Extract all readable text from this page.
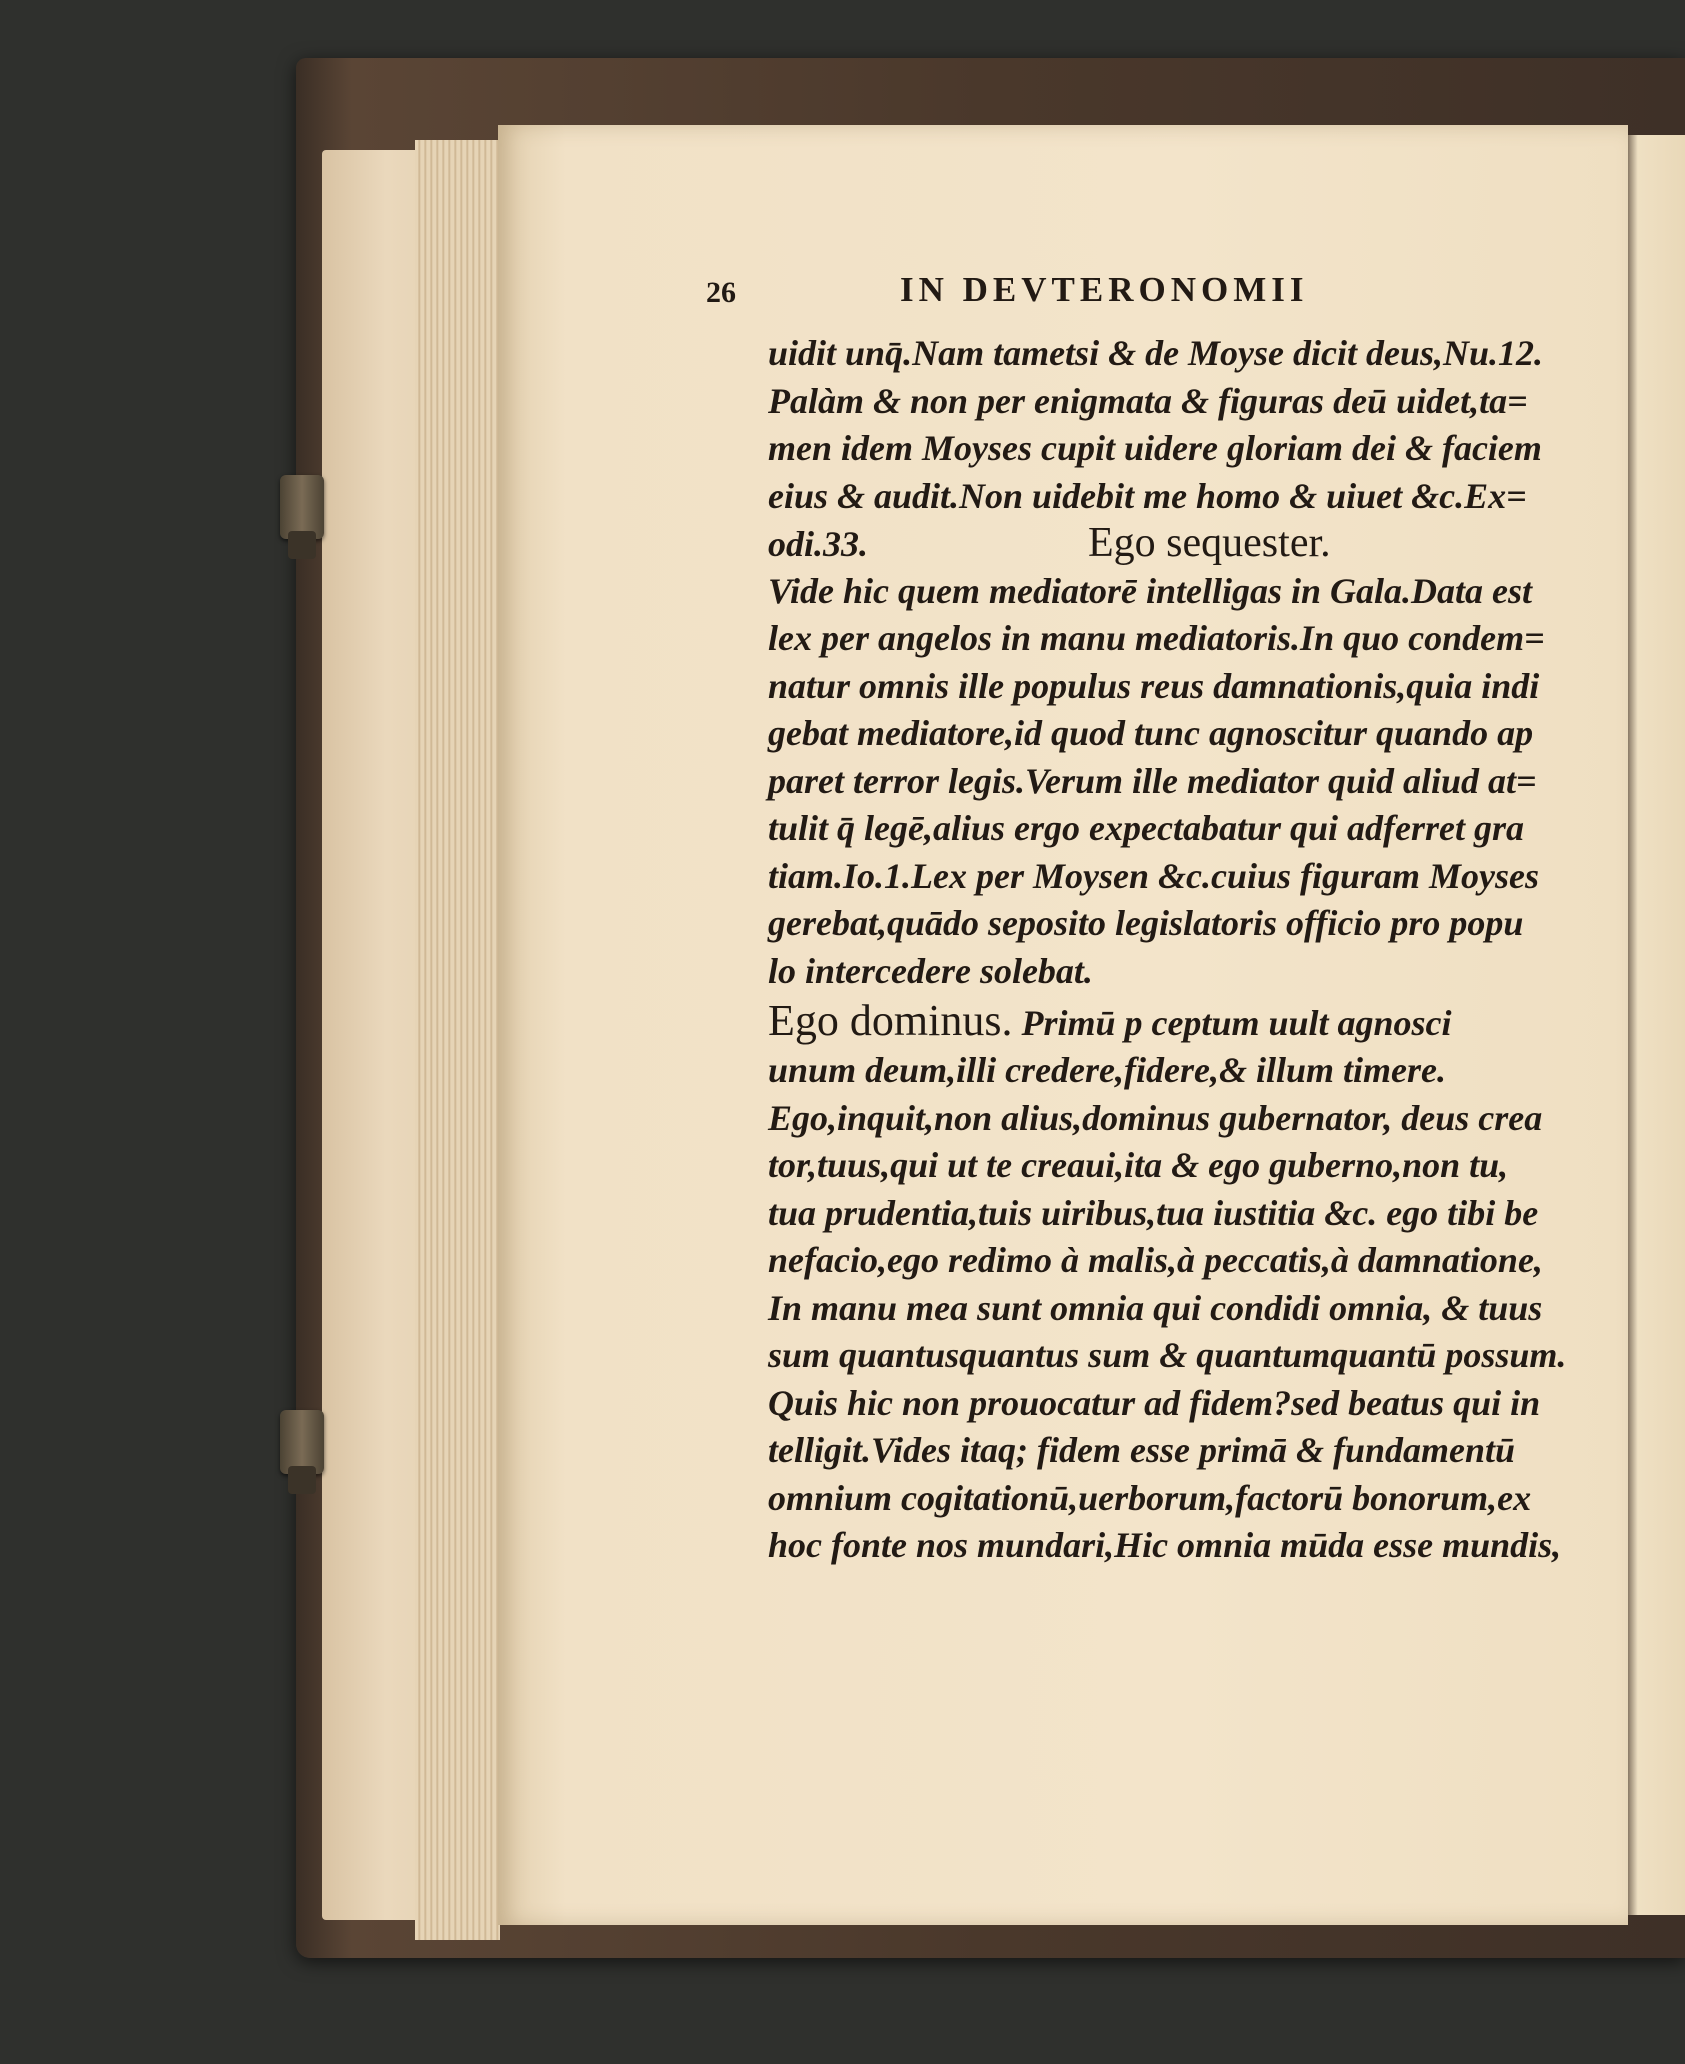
26	IN DEVTERONOMII
uidit unq̄.Nam tametsi & de Moyse dicit deus,Nu.12.
Palàm & non per enigmata & figuras deū uidet,ta=
men idem Moyses cupit uidere gloriam dei & faciem
eius & audit.Non uidebit me homo & uiuet &c.Ex=
odi.33.	Ego sequester.
Vide hic quem mediatorē intelligas in Gala.Data est
lex per angelos in manu mediatoris.In quo condem=
natur omnis ille populus reus damnationis,quia indi
gebat mediatore,id quod tunc agnoscitur quando ap
paret terror legis.Verum ille mediator quid aliud at=
tulit q̄ legē,alius ergo expectabatur qui adferret gra
tiam.Io.1.Lex per Moysen &c.cuius figuram Moyses
gerebat,quādo seposito legislatoris officio pro popu
lo intercedere solebat.
Ego dominus. Primū p ceptum uult agnosci
unum deum,illi credere,fidere,& illum timere.
Ego,inquit,non alius,dominus gubernator, deus crea
tor,tuus,qui ut te creaui,ita & ego guberno,non tu,
tua prudentia,tuis uiribus,tua iustitia &c. ego tibi be
nefacio,ego redimo à malis,à peccatis,à damnatione,
In manu mea sunt omnia qui condidi omnia, & tuus
sum quantusquantus sum & quantumquantū possum.
Quis hic non prouocatur ad fidem?sed beatus qui in
telligit.Vides itaq; fidem esse primā & fundamentū
omnium cogitationū,uerborum,factorū bonorum,ex
hoc fonte nos mundari,Hic omnia mūda esse mundis,
